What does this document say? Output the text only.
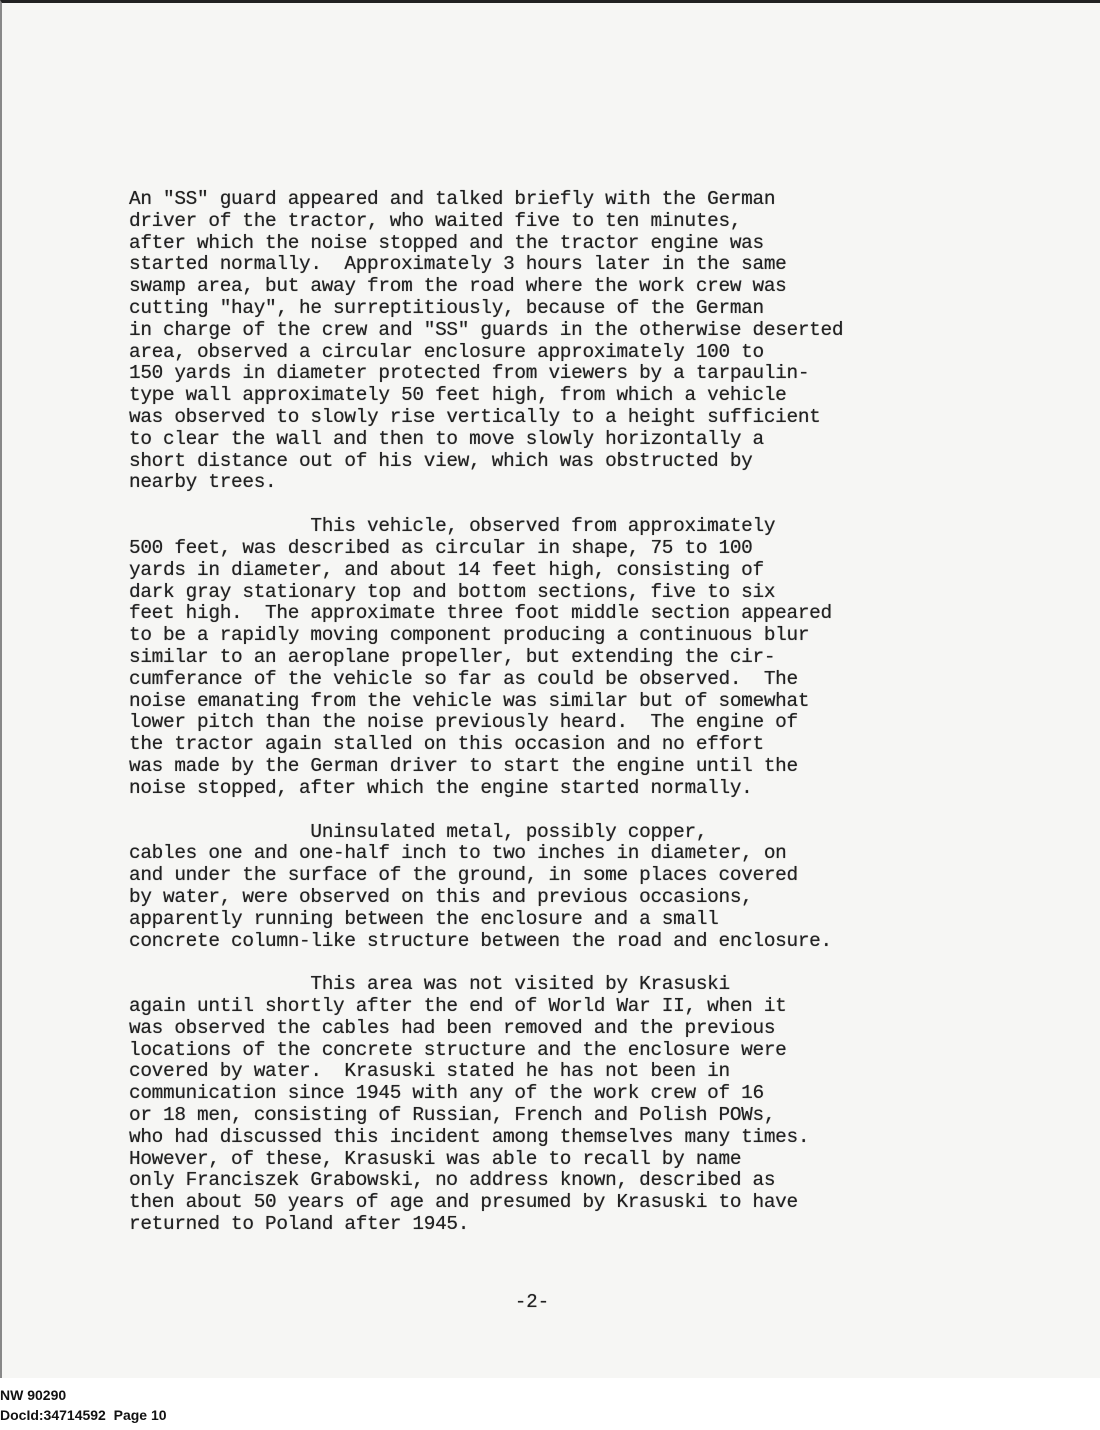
An "SS" guard appeared and talked briefly with the German
driver of the tractor, who waited five to ten minutes,
after which the noise stopped and the tractor engine was
started normally.  Approximately 3 hours later in the same
swamp area, but away from the road where the work crew was
cutting "hay", he surreptitiously, because of the German
in charge of the crew and "SS" guards in the otherwise deserted
area, observed a circular enclosure approximately 100 to
150 yards in diameter protected from viewers by a tarpaulin-
type wall approximately 50 feet high, from which a vehicle
was observed to slowly rise vertically to a height sufficient
to clear the wall and then to move slowly horizontally a
short distance out of his view, which was obstructed by
nearby trees.
This vehicle, observed from approximately
500 feet, was described as circular in shape, 75 to 100
yards in diameter, and about 14 feet high, consisting of
dark gray stationary top and bottom sections, five to six
feet high.  The approximate three foot middle section appeared
to be a rapidly moving component producing a continuous blur
similar to an aeroplane propeller, but extending the cir-
cumferance of the vehicle so far as could be observed.  The
noise emanating from the vehicle was similar but of somewhat
lower pitch than the noise previously heard.  The engine of
the tractor again stalled on this occasion and no effort
was made by the German driver to start the engine until the
noise stopped, after which the engine started normally.
Uninsulated metal, possibly copper,
cables one and one-half inch to two inches in diameter, on
and under the surface of the ground, in some places covered
by water, were observed on this and previous occasions,
apparently running between the enclosure and a small
concrete column-like structure between the road and enclosure.
This area was not visited by Krasuski
again until shortly after the end of World War II, when it
was observed the cables had been removed and the previous
locations of the concrete structure and the enclosure were
covered by water.  Krasuski stated he has not been in
communication since 1945 with any of the work crew of 16
or 18 men, consisting of Russian, French and Polish POWs,
who had discussed this incident among themselves many times.
However, of these, Krasuski was able to recall by name
only Franciszek Grabowski, no address known, described as
then about 50 years of age and presumed by Krasuski to have
returned to Poland after 1945.
-2-
NW 90290
DocId:34714592  Page 10
